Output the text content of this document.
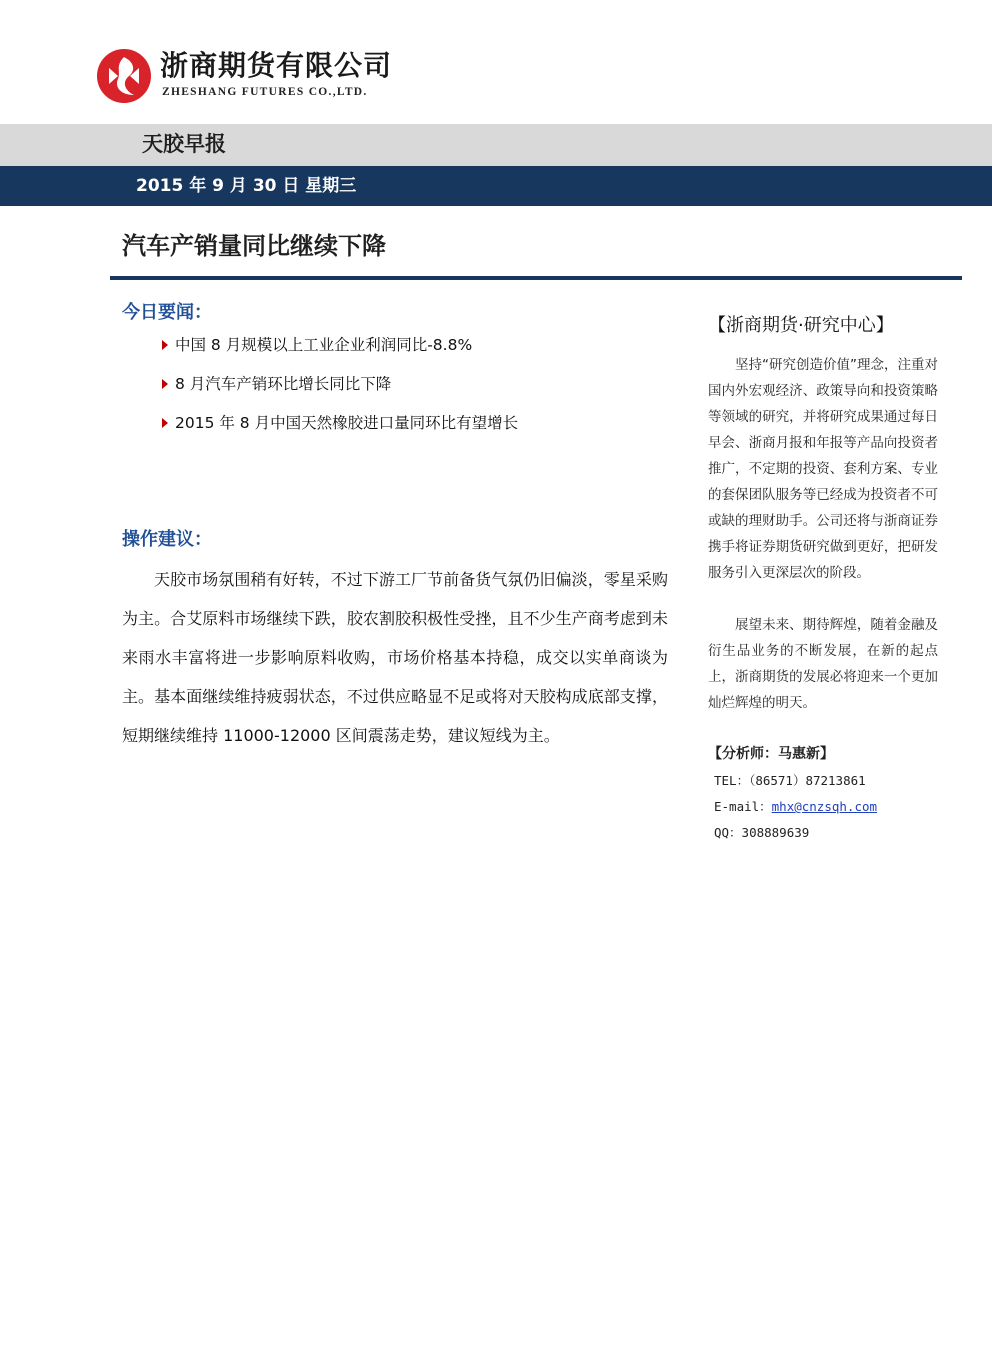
浙商期货有限公司
ZHESHANG FUTURES CO.,LTD.
天胶早报
2015 年 9 月 30 日 星期三
汽车产销量同比继续下降
今日要闻：
中国 8 月规模以上工业企业利润同比-8.8%
8 月汽车产销环比增长同比下降
2015 年 8 月中国天然橡胶进口量同环比有望增长
操作建议：

天胶市场氛围稍有好转，不过下游工厂节前备货气氛仍旧偏淡，零星采购为主。合艾原料市场继续下跌，胶农割胶积极性受挫，且不少生产商考虑到未来雨水丰富将进一步影响原料收购，市场价格基本持稳，成交以实单商谈为主。基本面继续维持疲弱状态，不过供应略显不足或将对天胶构成底部支撑，短期继续维持 11000-12000 区间震荡走势，建议短线为主。

【浙商期货·研究中心】

坚持“研究创造价值”理念，注重对国内外宏观经济、政策导向和投资策略等领域的研究，并将研究成果通过每日早会、浙商月报和年报等产品向投资者推广，不定期的投资、套利方案、专业的套保团队服务等已经成为投资者不可或缺的理财助手。公司还将与浙商证券携手将证券期货研究做到更好，把研发服务引入更深层次的阶段。

展望未来、期待辉煌，随着金融及衍生品业务的不断发展，在新的起点上，浙商期货的发展必将迎来一个更加灿烂辉煌的明天。

【分析师：马惠新】
TEL：（86571）87213861
E-mail：mhx@cnzsqh.com
QQ：308889639
